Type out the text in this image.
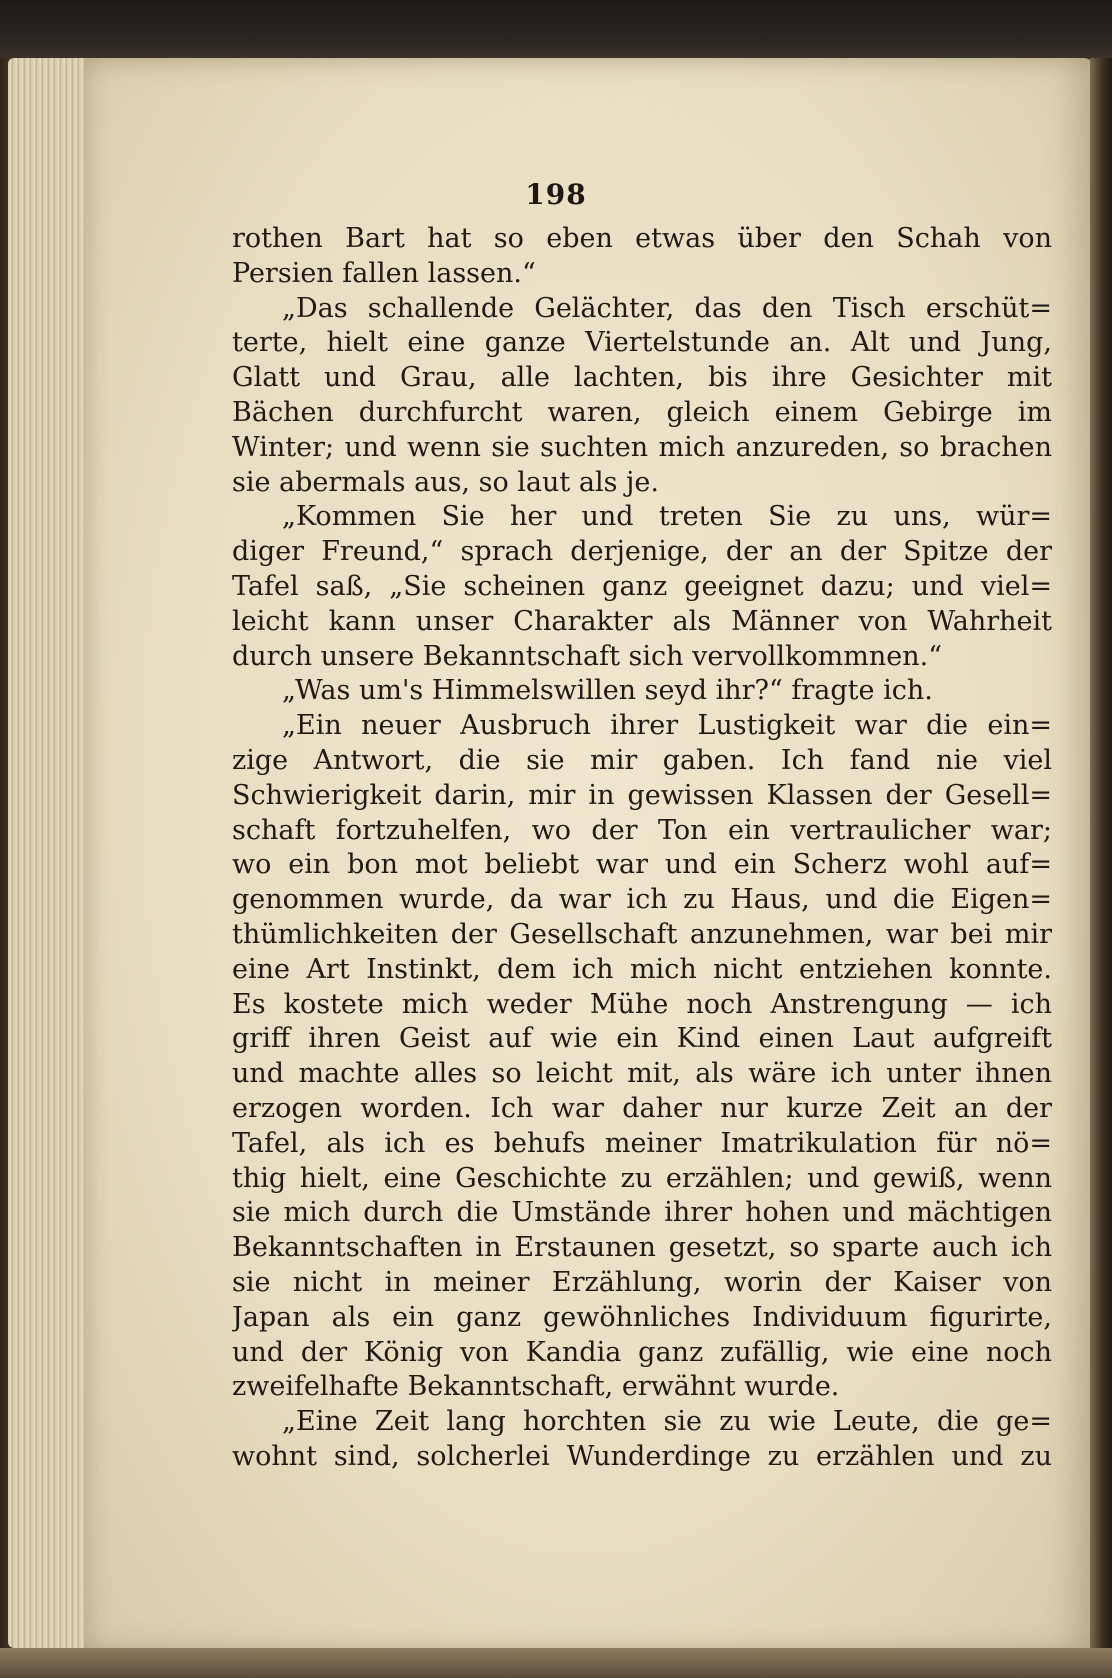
198
rothen Bart hat so eben etwas über den Schah von
Persien fallen lassen.“
„Das schallende Gelächter, das den Tisch erschüt=
terte, hielt eine ganze Viertelstunde an. Alt und Jung,
Glatt und Grau, alle lachten, bis ihre Gesichter mit
Bächen durchfurcht waren, gleich einem Gebirge im
Winter; und wenn sie suchten mich anzureden, so brachen
sie abermals aus, so laut als je.
„Kommen Sie her und treten Sie zu uns, wür=
diger Freund,“ sprach derjenige, der an der Spitze der
Tafel saß, „Sie scheinen ganz geeignet dazu; und viel=
leicht kann unser Charakter als Männer von Wahrheit
durch unsere Bekanntschaft sich vervollkommnen.“
„Was um's Himmelswillen seyd ihr?“ fragte ich.
„Ein neuer Ausbruch ihrer Lustigkeit war die ein=
zige Antwort, die sie mir gaben. Ich fand nie viel
Schwierigkeit darin, mir in gewissen Klassen der Gesell=
schaft fortzuhelfen, wo der Ton ein vertraulicher war;
wo ein bon mot beliebt war und ein Scherz wohl auf=
genommen wurde, da war ich zu Haus, und die Eigen=
thümlichkeiten der Gesellschaft anzunehmen, war bei mir
eine Art Instinkt, dem ich mich nicht entziehen konnte.
Es kostete mich weder Mühe noch Anstrengung — ich
griff ihren Geist auf wie ein Kind einen Laut aufgreift
und machte alles so leicht mit, als wäre ich unter ihnen
erzogen worden. Ich war daher nur kurze Zeit an der
Tafel, als ich es behufs meiner Imatrikulation für nö=
thig hielt, eine Geschichte zu erzählen; und gewiß, wenn
sie mich durch die Umstände ihrer hohen und mächtigen
Bekanntschaften in Erstaunen gesetzt, so sparte auch ich
sie nicht in meiner Erzählung, worin der Kaiser von
Japan als ein ganz gewöhnliches Individuum figurirte,
und der König von Kandia ganz zufällig, wie eine noch
zweifelhafte Bekanntschaft, erwähnt wurde.
„Eine Zeit lang horchten sie zu wie Leute, die ge=
wohnt sind, solcherlei Wunderdinge zu erzählen und zu
